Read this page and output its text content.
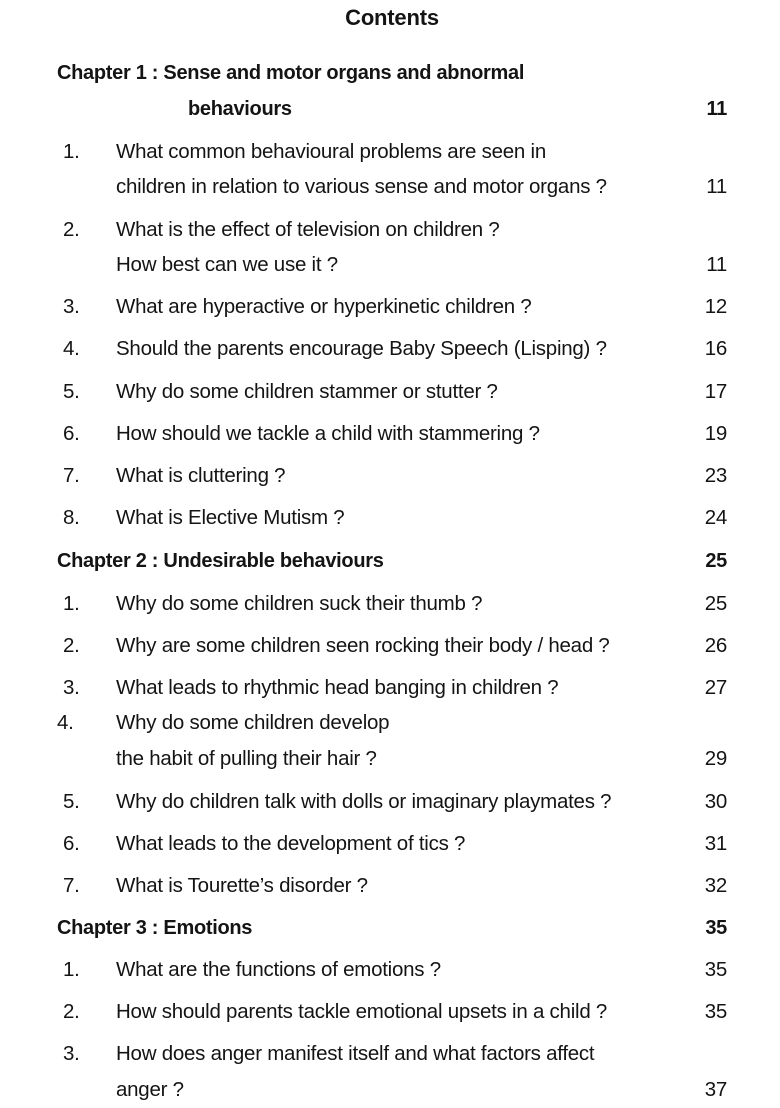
Contents
Chapter 1 : Sense and motor organs and abnormal
behaviours	11
1. What common behavioural problems are seen in
children in relation to various sense and motor organs ?	11
2. What is the effect of television on children ?
How best can we use it ?	11
3. What are hyperactive or hyperkinetic children ?	12
4. Should the parents encourage Baby Speech (Lisping) ?	16
5. Why do some children stammer or stutter ?	17
6. How should we tackle a child with stammering ?	19
7. What is cluttering ?	23
8. What is Elective Mutism ?	24
Chapter 2 : Undesirable behaviours	25
1. Why do some children suck their thumb ?	25
2. Why are some children seen rocking their body / head ?	26
3. What leads to rhythmic head banging in children ?	27
4. Why do some children develop
the habit of pulling their hair ?	29
5. Why do children talk with dolls or imaginary playmates ?	30
6. What leads to the development of tics ?	31
7. What is Tourette’s disorder ?	32
Chapter 3 : Emotions	35
1. What are the functions of emotions ?	35
2. How should parents tackle emotional upsets in a child ?	35
3. How does anger manifest itself and what factors affect
anger ?	37
